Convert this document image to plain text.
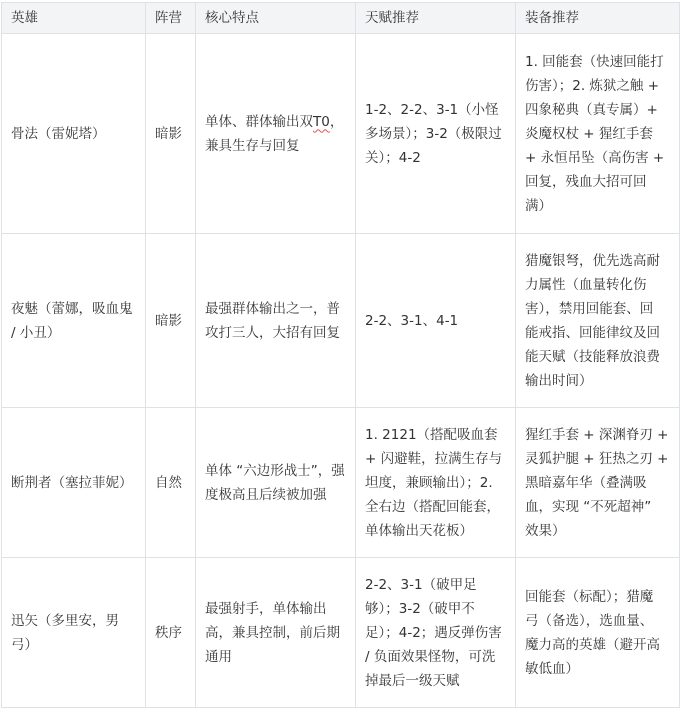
英雄	阵营	核心特点	天赋推荐	装备推荐
骨法（雷妮塔）	暗影	单体、群体输出双T0，兼具生存与回复	1-2、2-2、3-1（小怪多场景）；3-2（极限过关）；4-2	1. 回能套（快速回能打伤害）；2. 炼狱之触 + 四象秘典（真专属）+ 炎魔权杖 + 猩红手套 + 永恒吊坠（高伤害 + 回复，残血大招可回满）
夜魅（蕾娜，吸血鬼 / 小丑）	暗影	最强群体输出之一，普攻打三人，大招有回复	2-2、3-1、4-1	猎魔银弩，优先选高耐力属性（血量转化伤害），禁用回能套、回能戒指、回能律纹及回能天赋（技能释放浪费输出时间）
断荆者（塞拉菲妮）	自然	单体 “六边形战士”，强度极高且后续被加强	1. 2121（搭配吸血套 + 闪避鞋，拉满生存与坦度，兼顾输出）；2. 全右边（搭配回能套，单体输出天花板）	猩红手套 + 深渊脊刃 + 灵狐护腿 + 狂热之刃 + 黑暗嘉年华（叠满吸血，实现 “不死超神” 效果）
迅矢（多里安，男弓）	秩序	最强射手，单体输出高，兼具控制，前后期通用	2-2、3-1（破甲足够）；3-2（破甲不足）；4-2；遇反弹伤害 / 负面效果怪物，可洗掉最后一级天赋	回能套（标配）；猎魔弓（备选），选血量、魔力高的英雄（避开高敏低血）
